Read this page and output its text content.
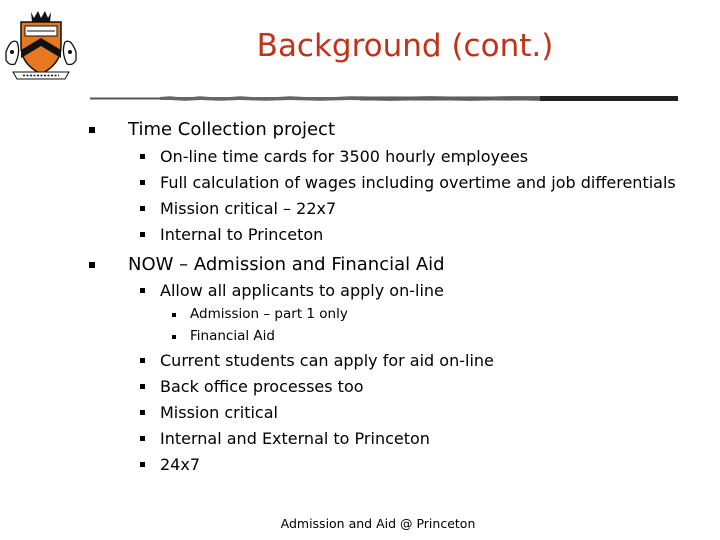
Background (cont.)
Time Collection project
On-line time cards for 3500 hourly employees
Full calculation of wages including overtime and job differentials
Mission critical – 22x7
Internal to Princeton
NOW – Admission and Financial Aid
Allow all applicants to apply on-line
Admission – part 1 only
Financial Aid
Current students can apply for aid on-line
Back office processes too
Mission critical
Internal and External to Princeton
24x7
Admission and Aid @ Princeton
